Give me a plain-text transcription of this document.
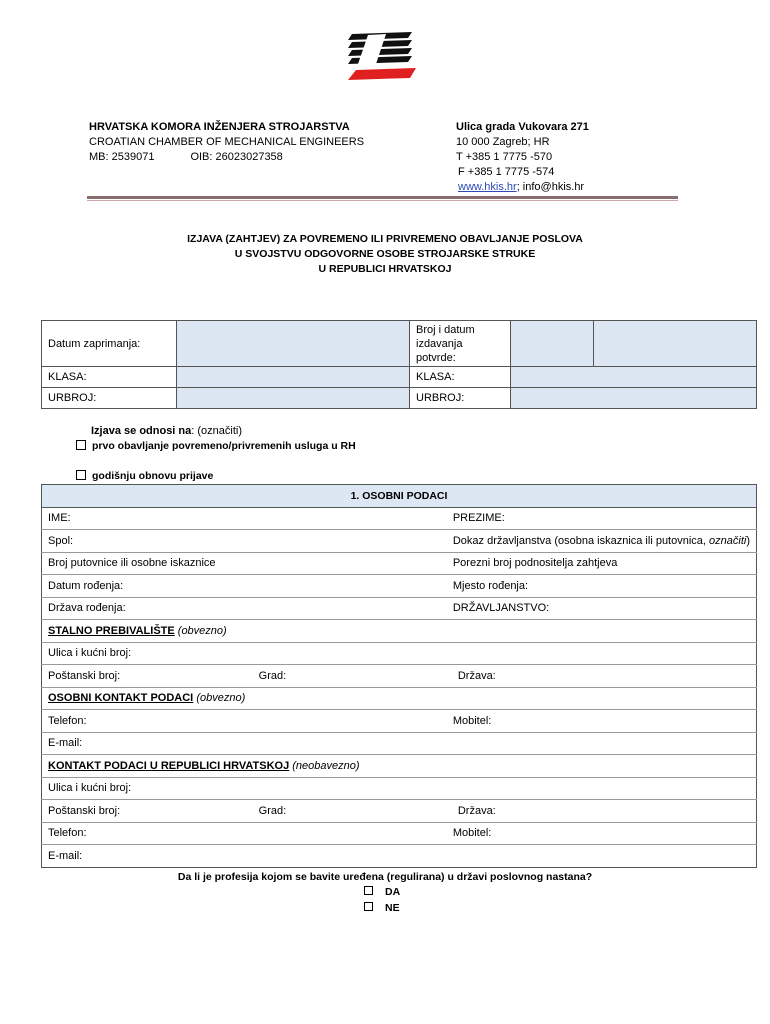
HRVATSKA KOMORA INŽENJERA STROJARSTVA
CROATIAN CHAMBER OF MECHANICAL ENGINEERS
MB: 2539071	OIB: 26023027358
Ulica grada Vukovara 271
10 000 Zagreb; HR
T +385 1 7775 -570
F +385 1 7775 -574
www.hkis.hr; info@hkis.hr
IZJAVA (ZAHTJEV) ZA POVREMENO ILI PRIVREMENO OBAVLJANJE POSLOVA
U SVOJSTVU ODGOVORNE OSOBE STROJARSKE STRUKE
U REPUBLICI HRVATSKOJ
Datum zaprimanja:		Broj i datum izdavanja potvrde:		
KLASA:		KLASA:		
URBROJ:		URBROJ:		
Izjava se odnosi na: (označiti)
prvo obavljanje povremeno/privremenih usluga u RH
godišnju obnovu prijave
1. OSOBNI PODACI		
IME:		PREZIME:
Spol:		Dokaz državljanstva (osobna iskaznica ili putovnica, označiti)
Broj putovnice ili osobne iskaznice		Porezni broj podnositelja zahtjeva
Datum rođenja:		Mjesto rođenja:
Država rođenja:		DRŽAVLJANSTVO:
STALNO PREBIVALIŠTE (obvezno)		
Ulica i kućni broj:		
Poštanski broj:	Grad:	Država:
OSOBNI KONTAKT PODACI (obvezno)		
Telefon:		Mobitel:
E-mail:		
KONTAKT PODACI U REPUBLICI HRVATSKOJ (neobavezno)		
Ulica i kućni broj:		
Poštanski broj:	Grad:	Država:
Telefon:		Mobitel:
E-mail:		
Da li je profesija kojom se bavite uređena (regulirana) u državi poslovnog nastana?
DA
NE
